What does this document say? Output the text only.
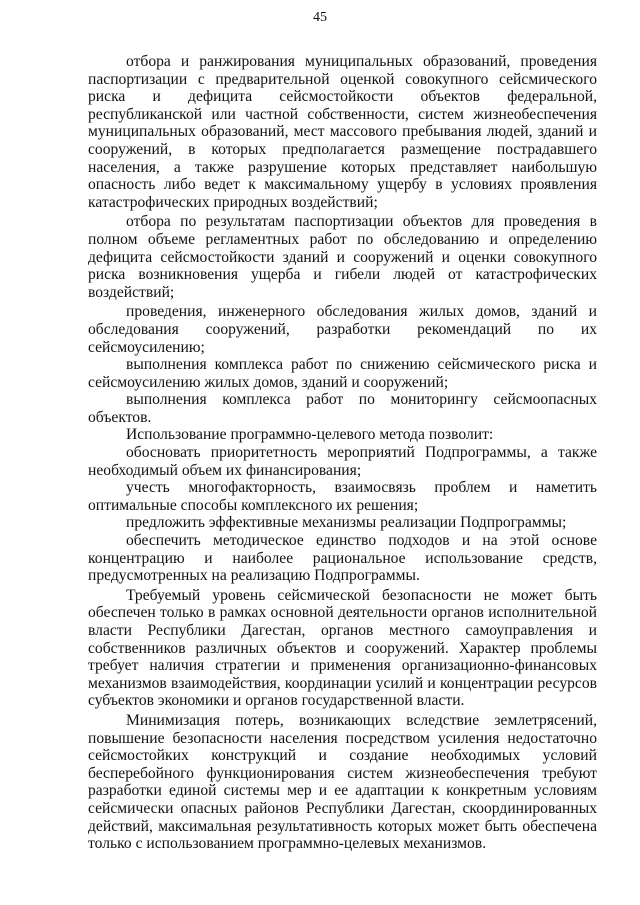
45

отбора и ранжирования муниципальных образований, проведения паспортизации с предварительной оценкой совокупного сейсмического риска и дефицита сейсмостойкости объектов федеральной, республиканской или частной собственности, систем жизнеобеспечения муниципальных образований, мест массового пребывания людей, зданий и сооружений, в которых предполагается размещение пострадавшего населения, а также разрушение которых представляет наибольшую опасность либо ведет к максимальному ущербу в условиях проявления катастрофических природных воздействий;

отбора по результатам паспортизации объектов для проведения в полном объеме регламентных работ по обследованию и определению дефицита сейсмостойкости зданий и сооружений и оценки совокупного риска возникновения ущерба и гибели людей от катастрофических воздействий;

проведения, инженерного обследования жилых домов, зданий и обследования сооружений, разработки рекомендаций по их сейсмоусилению;

выполнения комплекса работ по снижению сейсмического риска и сейсмоусилению жилых домов, зданий и сооружений;

выполнения комплекса работ по мониторингу сейсмоопасных объектов.

Использование программно-целевого метода позволит:

обосновать приоритетность мероприятий Подпрограммы, а также необходимый объем их финансирования;

учесть многофакторность, взаимосвязь проблем и наметить оптимальные способы комплексного их решения;

предложить эффективные механизмы реализации Подпрограммы;

обеспечить методическое единство подходов и на этой основе концентрацию и наиболее рациональное использование средств, предусмотренных на реализацию Подпрограммы.

Требуемый уровень сейсмической безопасности не может быть обеспечен только в рамках основной деятельности органов исполнительной власти Республики Дагестан, органов местного самоуправления и собственников различных объектов и сооружений. Характер проблемы требует наличия стратегии и применения организационно-финансовых механизмов взаимодействия, координации усилий и концентрации ресурсов субъектов экономики и органов государственной власти.

Минимизация потерь, возникающих вследствие землетрясений, повышение безопасности населения посредством усиления недостаточно сейсмостойких конструкций и создание необходимых условий бесперебойного функционирования систем жизнеобеспечения требуют разработки единой системы мер и ее адаптации к конкретным условиям сейсмически опасных районов Республики Дагестан, скоординированных действий, максимальная результативность которых может быть обеспечена только с использованием программно-целевых механизмов.
